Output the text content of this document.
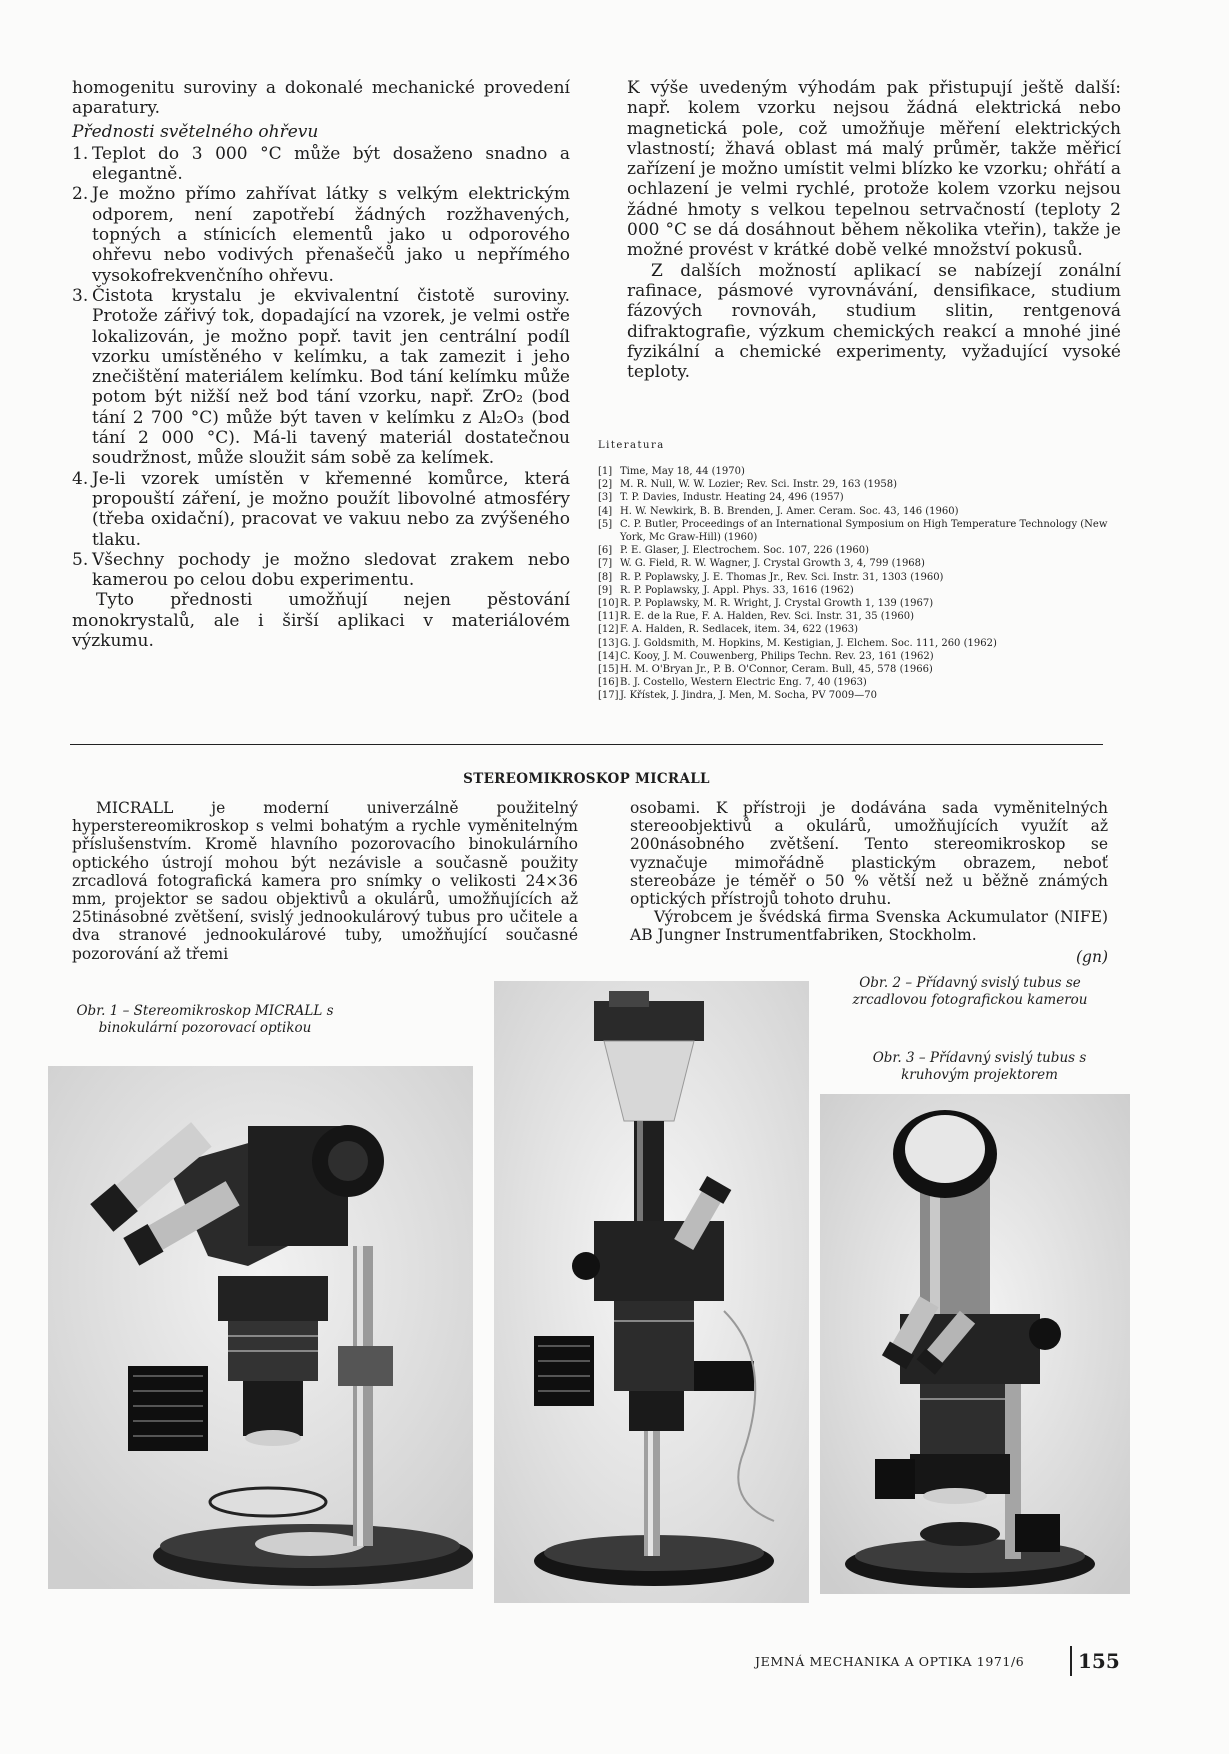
homogenitu suroviny a dokonalé mechanické provedení aparatury.

Přednosti světelného ohřevu

1. Teplot do 3 000 °C může být dosaženo snadno a elegantně.
2. Je možno přímo zahřívat látky s velkým elektrickým odporem, není zapotřebí žádných rozžhavených, topných a stínicích elementů jako u odporového ohřevu nebo vodivých přenašečů jako u nepřímého vysokofrekvenčního ohřevu.
3. Čistota krystalu je ekvivalentní čistotě suroviny. Protože zářivý tok, dopadající na vzorek, je velmi ostře lokalizován, je možno popř. tavit jen centrální podíl vzorku umístěného v kelímku, a tak zamezit i jeho znečištění materiálem kelímku. Bod tání kelímku může potom být nižší než bod tání vzorku, např. ZrO₂ (bod tání 2 700 °C) může být taven v kelímku z Al₂O₃ (bod tání 2 000 °C). Má-li tavený materiál dostatečnou soudržnost, může sloužit sám sobě za kelímek.
4. Je-li vzorek umístěn v křemenné komůrce, která propouští záření, je možno použít libovolné atmosféry (třeba oxidační), pracovat ve vakuu nebo za zvýšeného tlaku.
5. Všechny pochody je možno sledovat zrakem nebo kamerou po celou dobu experimentu.

Tyto přednosti umožňují nejen pěstování monokrystalů, ale i širší aplikaci v materiálovém výzkumu.

K výše uvedeným výhodám pak přistupují ještě další: např. kolem vzorku nejsou žádná elektrická nebo magnetická pole, což umožňuje měření elektrických vlastností; žhavá oblast má malý průměr, takže měřicí zařízení je možno umístit velmi blízko ke vzorku; ohřátí a ochlazení je velmi rychlé, protože kolem vzorku nejsou žádné hmoty s velkou tepelnou setrvačností (teploty 2 000 °C se dá dosáhnout během několika vteřin), takže je možné provést v krátké době velké množství pokusů.

Z dalších možností aplikací se nabízejí zonální rafinace, pásmové vyrovnávání, densifikace, studium fázových rovnováh, studium slitin, rentgenová difraktografie, výzkum chemických reakcí a mnohé jiné fyzikální a chemické experimenty, vyžadující vysoké teploty.

Literatura
[1] Time, May 18, 44 (1970)
[2] M. R. Null, W. W. Lozier; Rev. Sci. Instr. 29, 163 (1958)
[3] T. P. Davies, Industr. Heating 24, 496 (1957)
[4] H. W. Newkirk, B. B. Brenden, J. Amer. Ceram. Soc. 43, 146 (1960)
[5] C. P. Butler, Proceedings of an International Symposium on High Temperature Technology (New York, Mc Graw-Hill) (1960)
[6] P. E. Glaser, J. Electrochem. Soc. 107, 226 (1960)
[7] W. G. Field, R. W. Wagner, J. Crystal Growth 3, 4, 799 (1968)
[8] R. P. Poplawsky, J. E. Thomas Jr., Rev. Sci. Instr. 31, 1303 (1960)
[9] R. P. Poplawsky, J. Appl. Phys. 33, 1616 (1962)
[10] R. P. Poplawsky, M. R. Wright, J. Crystal Growth 1, 139 (1967)
[11] R. E. de la Rue, F. A. Halden, Rev. Sci. Instr. 31, 35 (1960)
[12] F. A. Halden, R. Sedlacek, item. 34, 622 (1963)
[13] G. J. Goldsmith, M. Hopkins, M. Kestigian, J. Elchem. Soc. 111, 260 (1962)
[14] C. Kooy, J. M. Couwenberg, Philips Techn. Rev. 23, 161 (1962)
[15] H. M. O'Bryan Jr., P. B. O'Connor, Ceram. Bull, 45, 578 (1966)
[16] B. J. Costello, Western Electric Eng. 7, 40 (1963)
[17] J. Křístek, J. Jindra, J. Men, M. Socha, PV 7009—70
STEREOMIKROSKOP MICRALL

MICRALL je moderní univerzálně použitelný hyperstereomikroskop s velmi bohatým a rychle vyměnitelným příslušenstvím. Kromě hlavního pozorovacího binokulárního optického ústrojí mohou být nezávisle a současně použity zrcadlová fotografická kamera pro snímky o velikosti 24×36 mm, projektor se sadou objektivů a okulárů, umožňujících až 25tinásobné zvětšení, svislý jednookulárový tubus pro učitele a dva stranové jednookulárové tuby, umožňující současné pozorování až třemi

osobami. K přístroji je dodávána sada vyměnitelných stereoobjektivů a okulárů, umožňujících využít až 200násobného zvětšení. Tento stereomikroskop se vyznačuje mimořádně plastickým obrazem, neboť stereobáze je téměř o 50 % větší než u běžně známých optických přístrojů tohoto druhu.

Výrobcem je švédská firma Svenska Ackumulator (NIFE) AB Jungner Instrumentfabriken, Stockholm.

(gn)

Obr. 1 – Stereomikroskop MICRALL s binokulární pozorovací optikou
Obr. 2 – Přídavný svislý tubus se zrcadlovou fotografickou kamerou
Obr. 3 – Přídavný svislý tubus s kruhovým projektorem
JEMNÁ MECHANIKA A OPTIKA 1971/6	155
